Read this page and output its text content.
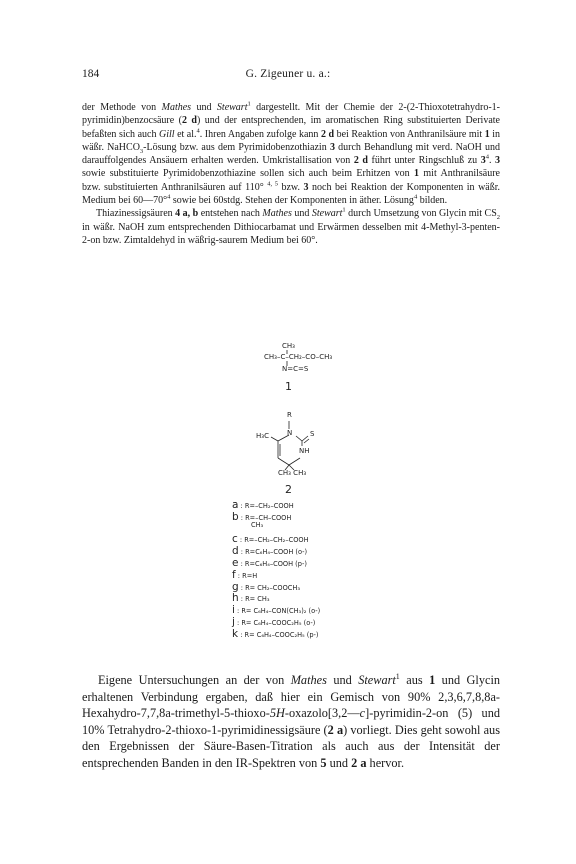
184	G. Zigeuner u. a.:

der Methode von Mathes und Stewart$^1$ dargestellt. Mit der Chemie der 2-(2-Thioxotetrahydro-1-pyrimidin)benzocsäure (2 d) und der entsprechenden, im aromatischen Ring substituierten Derivate befaßten sich auch Gill et al.$^4$. Ihren Angaben zufolge kann 2 d bei Reaktion von Anthranilsäure mit 1 in wäßr. NaHCO$_3$-Lösung bzw. aus dem Pyrimidobenzothiazin 3 durch Behandlung mit verd. NaOH und darauffolgendes Ansäuern erhalten werden. Umkristallisation von 2 d führt unter Ringschluß zu $3^4$. 3 sowie substituierte Pyrimidobenzothiazine sollen sich auch beim Erhitzen von 1 mit Anthranilsäure bzw. substituierten Anthranilsäuren auf 110° $^{4, 5}$ bzw. 3 noch bei Reaktion der Komponenten in wäßr. Medium bei 60—70°$^4$ sowie bei 60stdg. Stehen der Komponenten in äther. Lösung$^4$ bilden.

Thiazinessigsäuren 4 a, b entstehen nach Mathes und Stewart$^1$ durch Umsetzung von Glycin mit $CS_2$ in wäßr. NaOH zum entsprechenden Dithiocarbamat und Erwärmen desselben mit 4-Methyl-3-penten-2-on bzw. Zimtaldehyd in wäßrig-saurem Medium bei 60°.

CH₃
CH₃–C–CH₂–CO–CH₃
N=C=S
1
R
H₃C	N	S
NH
CH₃ CH₃
2
a : R=–CH₂–COOH
b : R=–CH–COOH
CH₃
c : R=–CH₂–CH₂–COOH
d : R=C₆H₄–COOH (o-)
e : R=C₆H₄–COOH (p-)
f : R=H
g : R= CH₂–COOCH₃
h : R= CH₃
i : R= C₆H₄–CON(CH₃)₂ (o-)
j : R= C₆H₄–COOC₂H₅ (o-)
k : R= C₆H₄–COOC₂H₅ (p-)

Eigene Untersuchungen an der von Mathes und Stewart$^1$ aus 1 und Glycin erhaltenen Verbindung ergaben, daß hier ein Gemisch von 90% 2,3,6,7,8,8a-Hexahydro-7,7,8a-trimethyl-5-thioxo-5H-oxazolo[3,2—c]-pyrimidin-2-on (5) und 10% Tetrahydro-2-thioxo-1-pyrimidinessigsäure (2 a) vorliegt. Dies geht sowohl aus den Ergebnissen der Säure-Basen-Titration als auch aus der Intensität der entsprechenden Banden in den IR-Spektren von 5 und 2 a hervor.
